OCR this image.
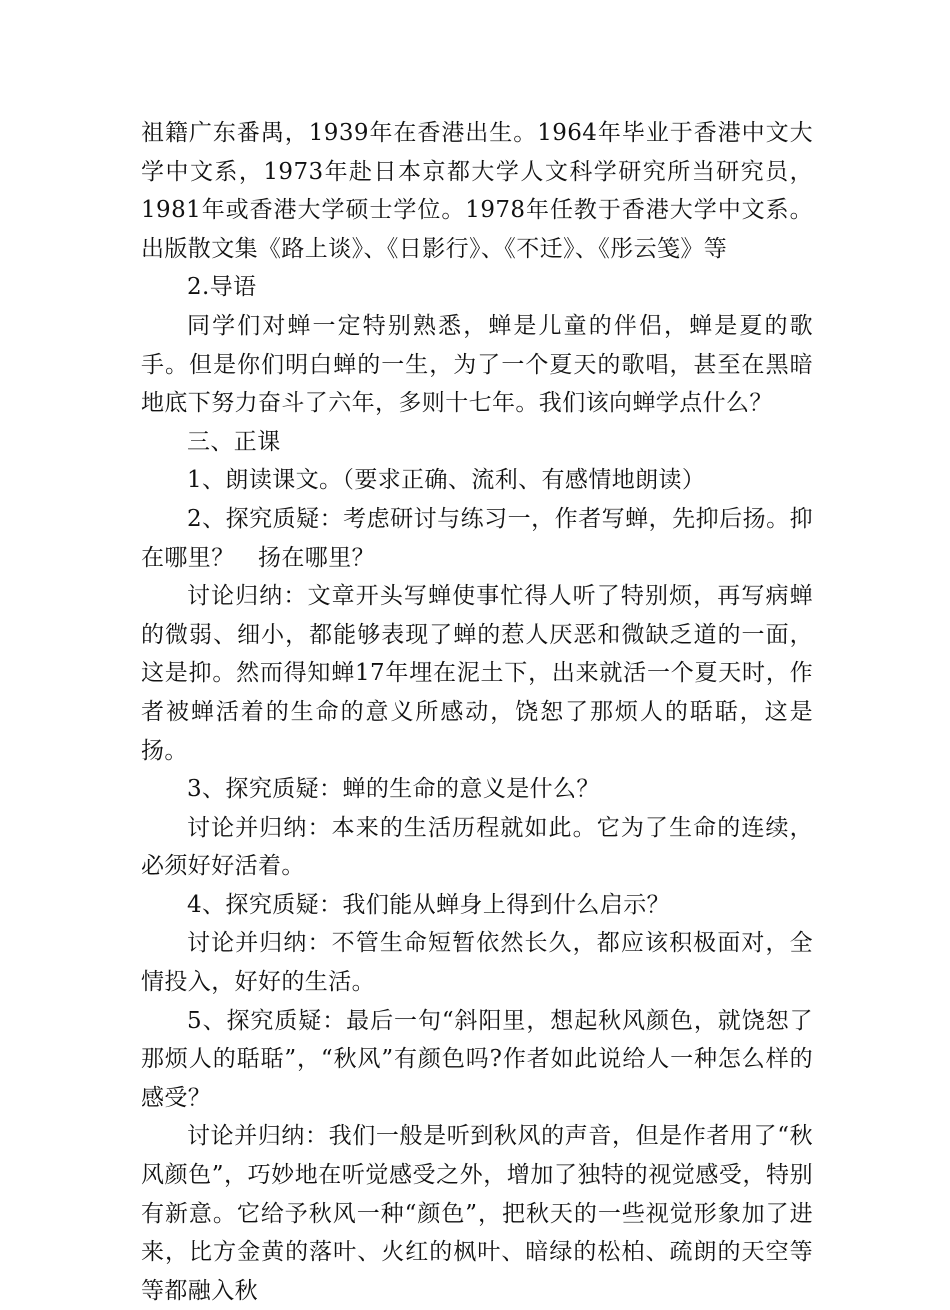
祖籍广东番禺，1939年在香港出生。1964年毕业于香港中文大学中文系，1973年赴日本京都大学人文科学研究所当研究员，1981年或香港大学硕士学位。1978年任教于香港大学中文系。出版散文集《路上谈》、《日影行》、《不迁》、《彤云笺》等

2.导语

同学们对蝉一定特别熟悉，蝉是儿童的伴侣，蝉是夏的歌手。但是你们明白蝉的一生，为了一个夏天的歌唱，甚至在黑暗地底下努力奋斗了六年，多则十七年。我们该向蝉学点什么？

三、正课

1、朗读课文。（要求正确、流利、有感情地朗读）

2、探究质疑：考虑研讨与练习一，作者写蝉，先抑后扬。抑在哪里？　扬在哪里？

讨论归纳：文章开头写蝉使事忙得人听了特别烦，再写病蝉的微弱、细小，都能够表现了蝉的惹人厌恶和微缺乏道的一面，这是抑。然而得知蝉17年埋在泥土下，出来就活一个夏天时，作者被蝉活着的生命的意义所感动，饶恕了那烦人的聒聒，这是扬。

3、探究质疑：蝉的生命的意义是什么？

讨论并归纳：本来的生活历程就如此。它为了生命的连续，必须好好活着。

4、探究质疑：我们能从蝉身上得到什么启示？

讨论并归纳：不管生命短暂依然长久，都应该积极面对，全情投入，好好的生活。

5、探究质疑：最后一句“斜阳里，想起秋风颜色，就饶恕了那烦人的聒聒”，“秋风”有颜色吗?作者如此说给人一种怎么样的感受？

讨论并归纳：我们一般是听到秋风的声音，但是作者用了“秋风颜色”，巧妙地在听觉感受之外，增加了独特的视觉感受，特别有新意。它给予秋风一种“颜色”，把秋天的一些视觉形象加了进来，比方金黄的落叶、火红的枫叶、暗绿的松柏、疏朗的天空等等都融入秋
